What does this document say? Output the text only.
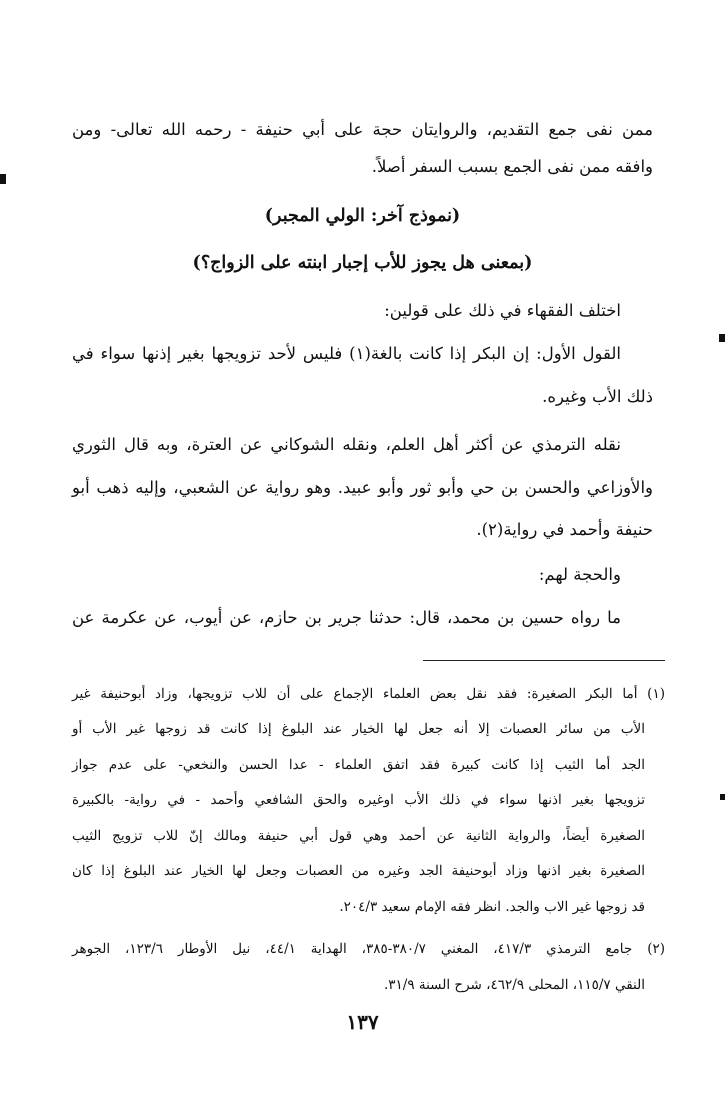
ممن نفى جمع التقديم، والروايتان حجة على أبي حنيفة - رحمه الله تعالى- ومن
وافقه ممن نفى الجمع بسبب السفر أصلاً.
(نموذج آخر: الولي المجبر)
(بمعنى هل يجوز للأب إجبار ابنته على الزواج؟)
اختلف الفقهاء في ذلك على قولين:
القول الأول: إن البكر إذا كانت بالغة(١) فليس لأحد تزويجها بغير إذنها سواء في
ذلك الأب وغيره.
نقله الترمذي عن أكثر أهل العلم، ونقله الشوكاني عن العترة، وبه قال الثوري
والأوزاعي والحسن بن حي وأبو ثور وأبو عبيد. وهو رواية عن الشعبي، وإليه ذهب أبو
حنيفة وأحمد في رواية(٢).
والحجة لهم:
ما رواه حسين بن محمد، قال: حدثنا جرير بن حازم، عن أيوب، عن عكرمة عن
(١) أما البكر الصغيرة: فقد نقل بعض العلماء الإجماع على أن للاب تزويجها، وزاد أبوحنيفة غير
الأب من سائر العصبات إلا أنه جعل لها الخيار عند البلوغ إذا كانت قد زوجها غير الأب أو
الجد أما الثيب إذا كانت كبيرة فقد اتفق العلماء - عدا الحسن والنخعي- على عدم جواز
تزويجها بغير اذنها سواء في ذلك الأب اوغيره والحق الشافعي وأحمد - في رواية- بالكبيرة
الصغيرة أيضاً، والرواية الثانية عن أحمد وهي قول أبي حنيفة ومالك إنّ للاب تزويج الثيب
الصغيرة بغير اذنها وزاد أبوحنيفة الجد وغيره من العصبات وجعل لها الخيار عند البلوغ إذا كان
قد زوجها غير الاب والجد. انظر فقه الإمام سعيد ٢٠٤/٣.
(٢) جامع الترمذي ٤١٧/٣، المغني ٣٨٠/٧-٣٨٥، الهداية ٤٤/١، نيل الأوطار ١٢٣/٦، الجوهر
النقي ١١٥/٧، المحلى ٤٦٢/٩، شرح السنة ٣١/٩.
١٣٧
